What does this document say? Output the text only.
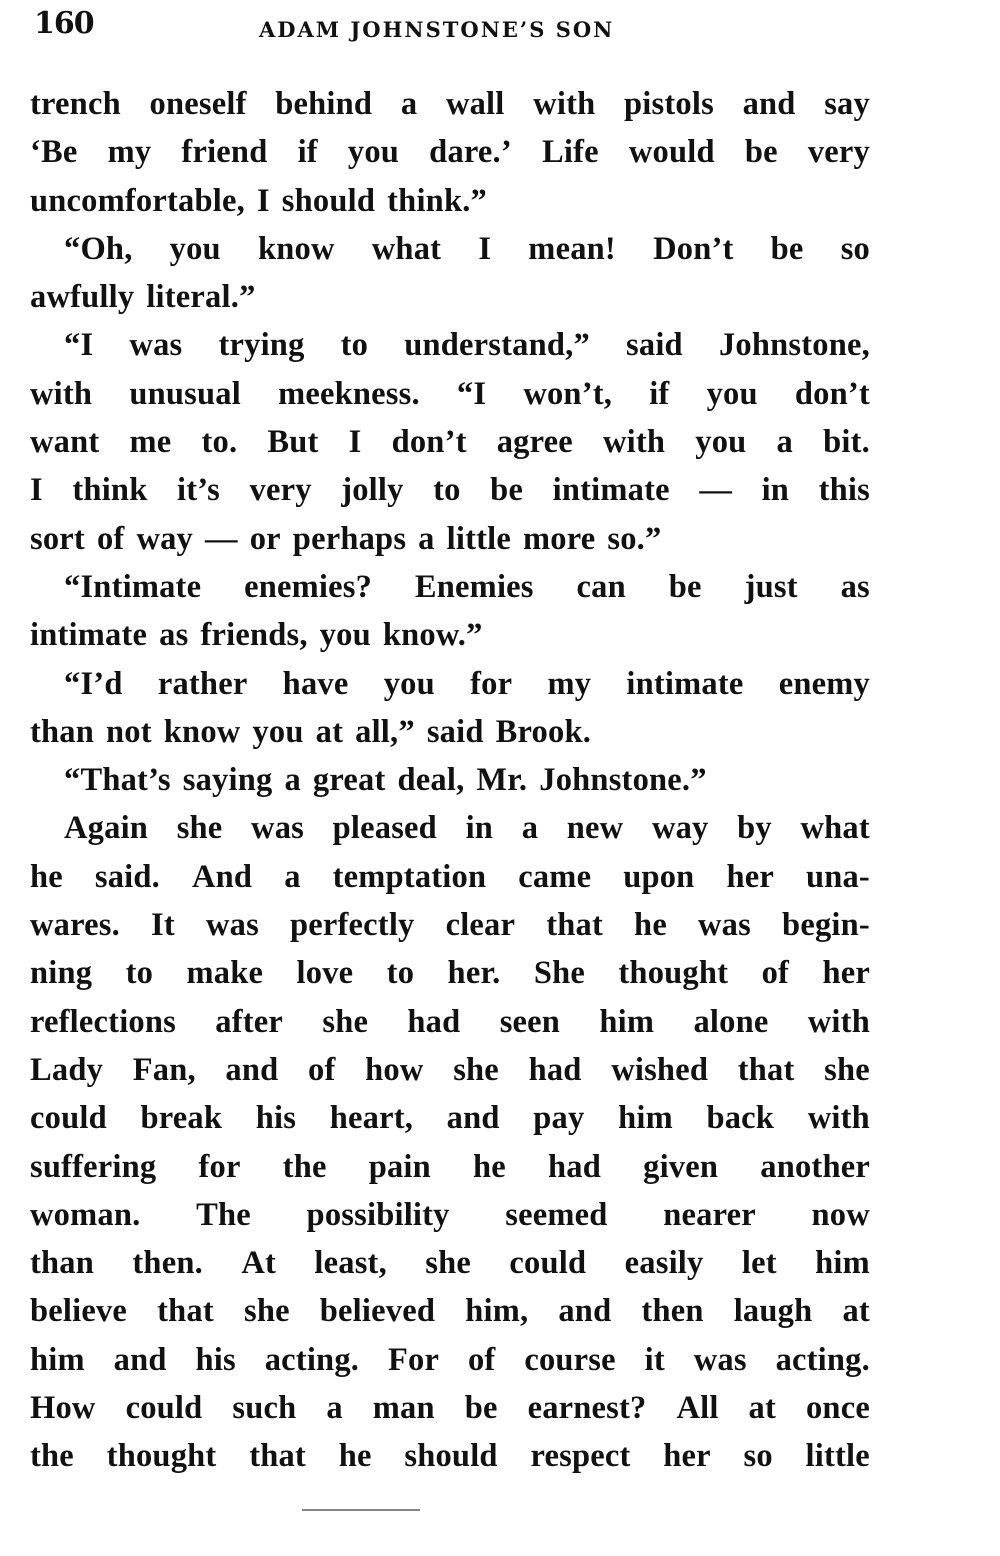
160	ADAM JOHNSTONE’S SON
trench oneself behind a wall with pistols and say
‘Be my friend if you dare.’ Life would be very
uncomfortable, I should think.”
“Oh, you know what I mean! Don’t be so
awfully literal.”
“I was trying to understand,” said Johnstone,
with unusual meekness. “I won’t, if you don’t
want me to. But I don’t agree with you a bit.
I think it’s very jolly to be intimate — in this
sort of way — or perhaps a little more so.”
“Intimate enemies? Enemies can be just as
intimate as friends, you know.”
“I’d rather have you for my intimate enemy
than not know you at all,” said Brook.
“That’s saying a great deal, Mr. Johnstone.”
Again she was pleased in a new way by what
he said. And a temptation came upon her una-
wares. It was perfectly clear that he was begin-
ning to make love to her. She thought of her
reflections after she had seen him alone with
Lady Fan, and of how she had wished that she
could break his heart, and pay him back with
suffering for the pain he had given another
woman. The possibility seemed nearer now
than then. At least, she could easily let him
believe that she believed him, and then laugh at
him and his acting. For of course it was acting.
How could such a man be earnest? All at once
the thought that he should respect her so little
